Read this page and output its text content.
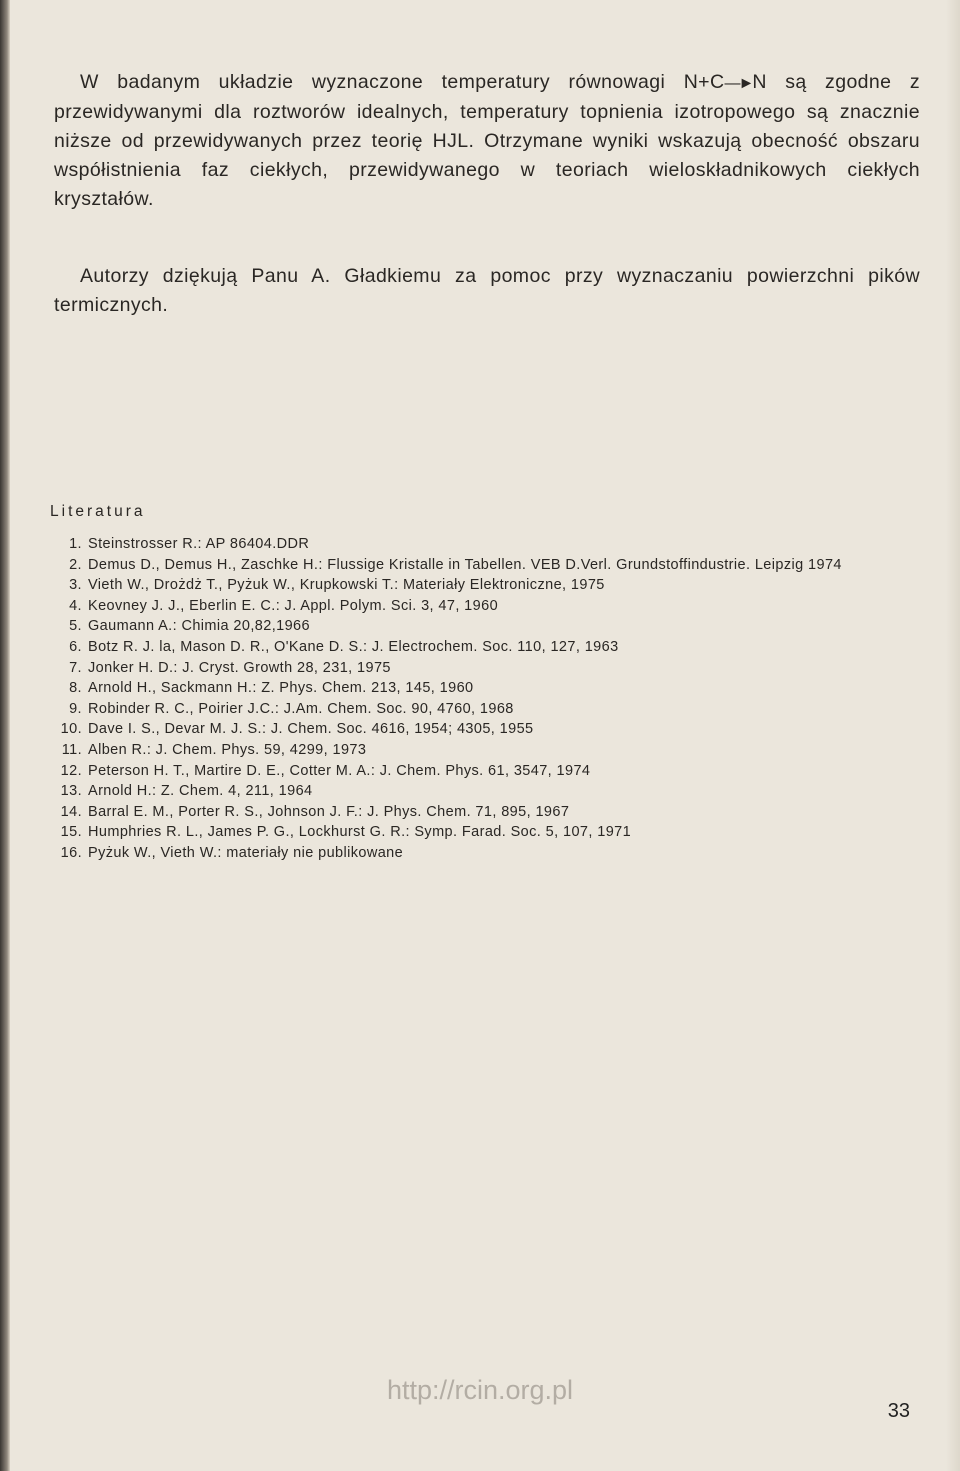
W badanym układzie wyznaczone temperatury równowagi N+C—►N są zgodne z przewidywanymi dla roztworów idealnych, temperatury topnienia izotropowego są znacznie niższe od przewidywanych przez teorię HJL. Otrzymane wyniki wskazują obecność obszaru współistnienia faz ciekłych, przewidywanego w teoriach wieloskładnikowych ciekłych kryształów.

Autorzy dziękują Panu A. Gładkiemu za pomoc przy wyznaczaniu powierzchni pików termicznych.

Literatura
1. Steinstrosser R.: AP 86404.DDR
2. Demus D., Demus H., Zaschke H.: Flussige Kristalle in Tabellen. VEB D.Verl. Grundstoffindustrie. Leipzig 1974
3. Vieth W., Drożdż T., Pyżuk W., Krupkowski T.: Materiały Elektroniczne, 1975
4. Keovney J. J., Eberlin E. C.: J. Appl. Polym. Sci. 3, 47, 1960
5. Gaumann A.: Chimia 20,82,1966
6. Botz R. J. la, Mason D. R., O'Kane D. S.: J. Electrochem. Soc. 110, 127, 1963
7. Jonker H. D.: J. Cryst. Growth 28, 231, 1975
8. Arnold H., Sackmann H.: Z. Phys. Chem. 213, 145, 1960
9. Robinder R. C., Poirier J.C.: J.Am. Chem. Soc. 90, 4760, 1968
10. Dave I. S., Devar M. J. S.: J. Chem. Soc. 4616, 1954; 4305, 1955
11. Alben R.: J. Chem. Phys. 59, 4299, 1973
12. Peterson H. T., Martire D. E., Cotter M. A.: J. Chem. Phys. 61, 3547, 1974
13. Arnold H.: Z. Chem. 4, 211, 1964
14. Barral E. M., Porter R. S., Johnson J. F.: J. Phys. Chem. 71, 895, 1967
15. Humphries R. L., James P. G., Lockhurst G. R.: Symp. Farad. Soc. 5, 107, 1971
16. Pyżuk W., Vieth W.: materiały nie publikowane
http://rcin.org.pl
33
